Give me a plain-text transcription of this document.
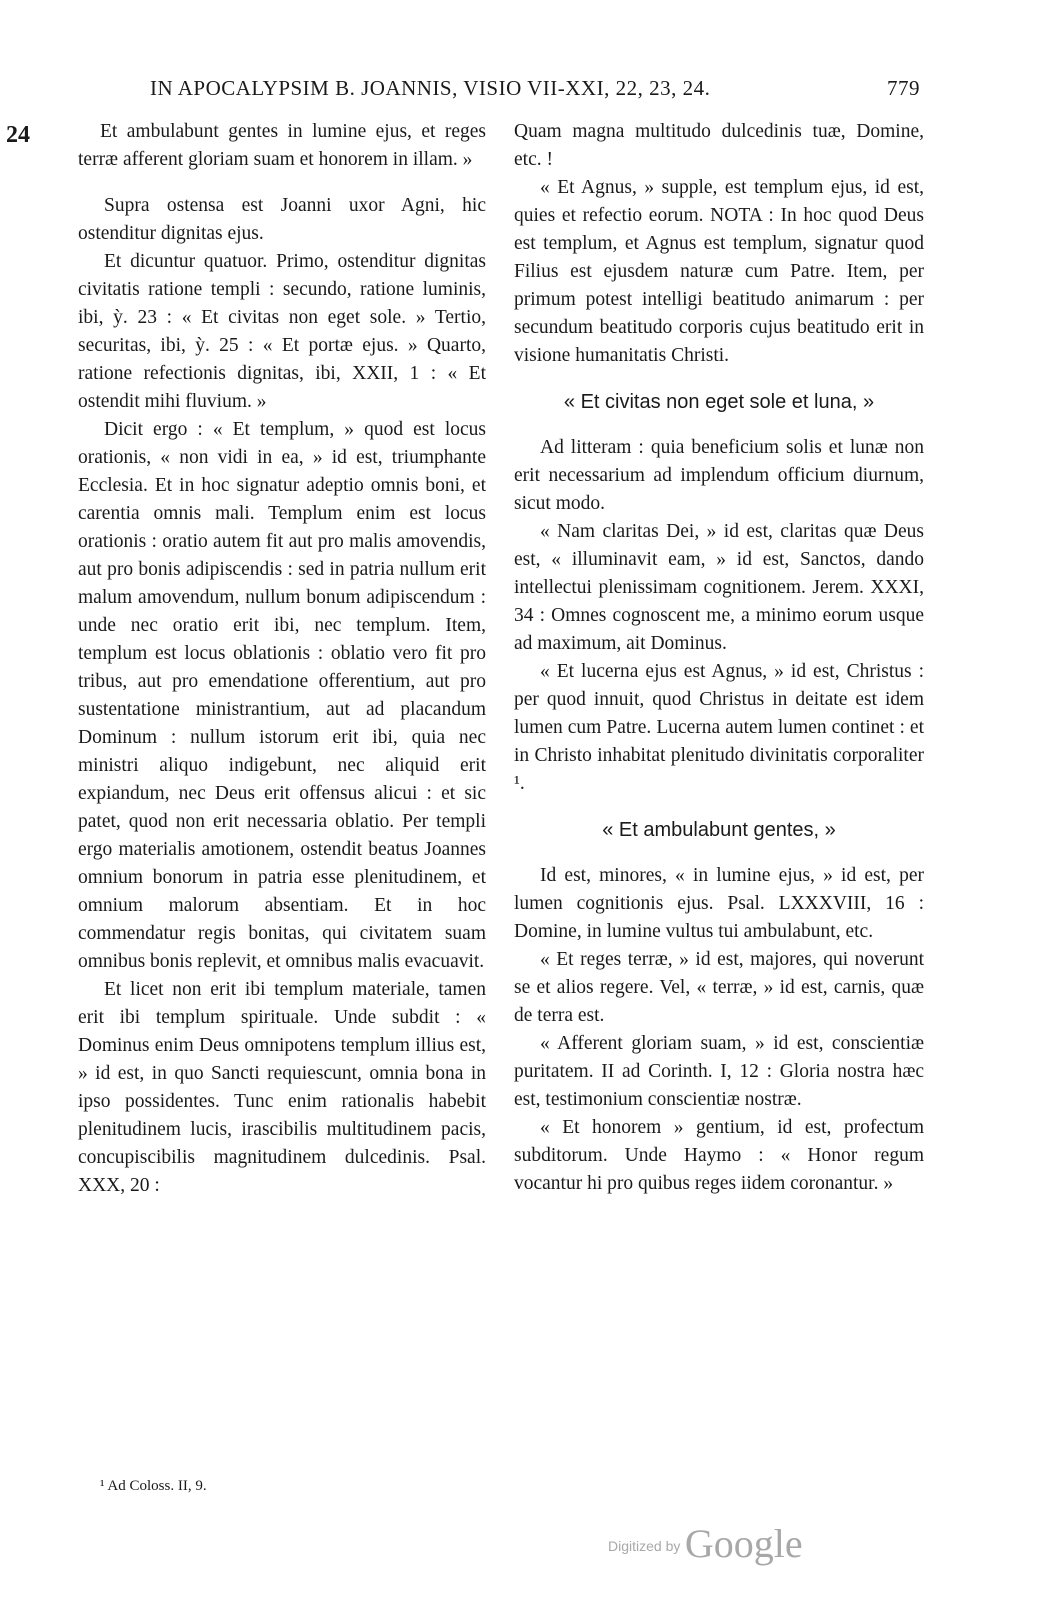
IN APOCALYPSIM B. JOANNIS, VISIO VII-XXI, 22, 23, 24.	779
24	Et ambulabunt gentes in lumine ejus, et reges terræ afferent gloriam suam et honorem in illam. »

Supra ostensa est Joanni uxor Agni, hic ostenditur dignitas ejus.

Et dicuntur quatuor. Primo, ostenditur dignitas civitatis ratione templi : secundo, ratione luminis, ibi, ỳ. 23 : « Et civitas non eget sole. » Tertio, securitas, ibi, ỳ. 25 : « Et portæ ejus. » Quarto, ratione refectionis dignitas, ibi, XXII, 1 : « Et ostendit mihi fluvium. »

Dicit ergo : « Et templum, » quod est locus orationis, « non vidi in ea, » id est, triumphante Ecclesia. Et in hoc signatur adeptio omnis boni, et carentia omnis mali. Templum enim est locus orationis : oratio autem fit aut pro malis amovendis, aut pro bonis adipiscendis : sed in patria nullum erit malum amovendum, nullum bonum adipiscendum : unde nec oratio erit ibi, nec templum. Item, templum est locus oblationis : oblatio vero fit pro tribus, aut pro emendatione offerentium, aut pro sustentatione ministrantium, aut ad placandum Dominum : nullum istorum erit ibi, quia nec ministri aliquo indigebunt, nec aliquid erit expiandum, nec Deus erit offensus alicui : et sic patet, quod non erit necessaria oblatio. Per templi ergo materialis amotionem, ostendit beatus Joannes omnium bonorum in patria esse plenitudinem, et omnium malorum absentiam. Et in hoc commendatur regis bonitas, qui civitatem suam omnibus bonis replevit, et omnibus malis evacuavit.

Et licet non erit ibi templum materiale, tamen erit ibi templum spirituale. Unde subdit : « Dominus enim Deus omnipotens templum illius est, » id est, in quo Sancti requiescunt, omnia bona in ipso possidentes. Tunc enim rationalis habebit plenitudinem lucis, irascibilis multitudinem pacis, concupiscibilis magnitudinem dulcedinis. Psal. XXX, 20 :

Quam magna multitudo dulcedinis tuæ, Domine, etc. !

« Et Agnus, » supple, est templum ejus, id est, quies et refectio eorum. NOTA : In hoc quod Deus est templum, et Agnus est templum, signatur quod Filius est ejusdem naturæ cum Patre. Item, per primum potest intelligi beatitudo animarum : per secundum beatitudo corporis cujus beatitudo erit in visione humanitatis Christi.

« Et civitas non eget sole et luna, »

Ad litteram : quia beneficium solis et lunæ non erit necessarium ad implendum officium diurnum, sicut modo.

« Nam claritas Dei, » id est, claritas quæ Deus est, « illuminavit eam, » id est, Sanctos, dando intellectui plenissimam cognitionem. Jerem. XXXI, 34 : Omnes cognoscent me, a minimo eorum usque ad maximum, ait Dominus.

« Et lucerna ejus est Agnus, » id est, Christus : per quod innuit, quod Christus in deitate est idem lumen cum Patre. Lucerna autem lumen continet : et in Christo inhabitat plenitudo divinitatis corporaliter ¹.

« Et ambulabunt gentes, »

Id est, minores, « in lumine ejus, » id est, per lumen cognitionis ejus. Psal. LXXXVIII, 16 : Domine, in lumine vultus tui ambulabunt, etc.

« Et reges terræ, » id est, majores, qui noverunt se et alios regere. Vel, « terræ, » id est, carnis, quæ de terra est.

« Afferent gloriam suam, » id est, conscientiæ puritatem. II ad Corinth. I, 12 : Gloria nostra hæc est, testimonium conscientiæ nostræ.

« Et honorem » gentium, id est, profectum subditorum. Unde Haymo : « Honor regum vocantur hi pro quibus reges iidem coronantur. »

¹ Ad Coloss. II, 9.
Digitized by Google
